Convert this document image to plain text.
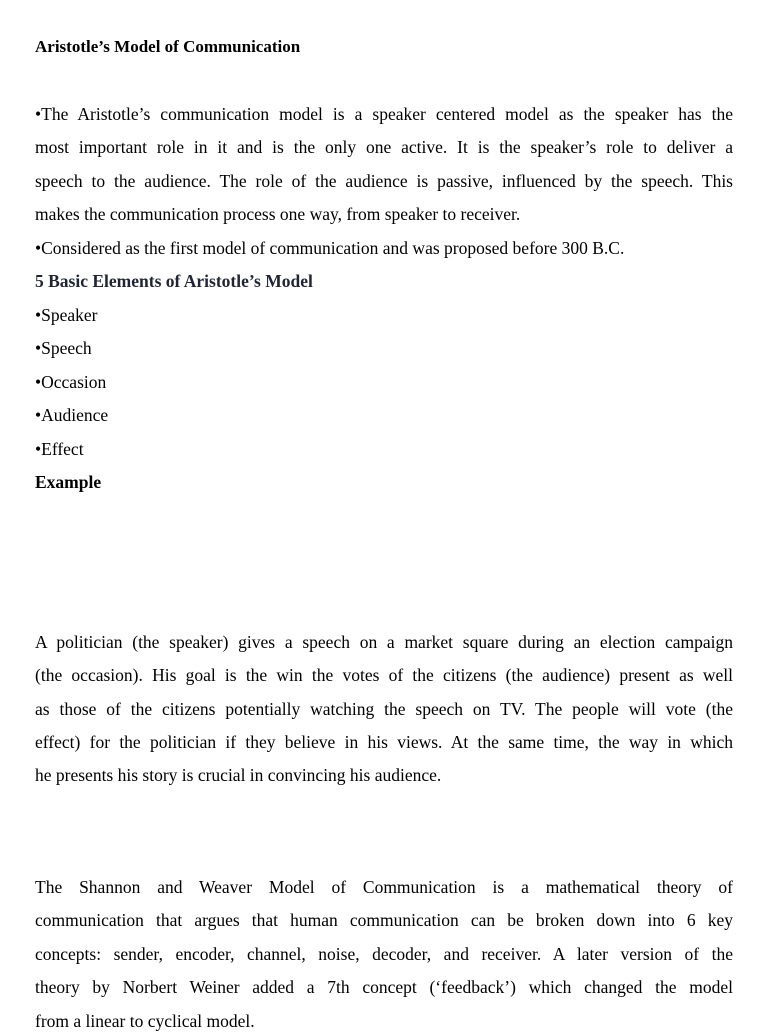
Aristotle’s Model of Communication

•The Aristotle’s communication model is a speaker centered model as the speaker has the

most important role in it and is the only one active. It is the speaker’s role to deliver a

speech to the audience. The role of the audience is passive, influenced by the speech. This

makes the communication process one way, from speaker to receiver.

•Considered as the first model of communication and was proposed before 300 B.C.

5 Basic Elements of Aristotle’s Model

•Speaker

•Speech

•Occasion

•Audience

•Effect

Example

A politician (the speaker) gives a speech on a market square during an election campaign

(the occasion). His goal is the win the votes of the citizens (the audience) present as well

as those of the citizens potentially watching the speech on TV. The people will vote (the

effect) for the politician if they believe in his views. At the same time, the way in which

he presents his story is crucial in convincing his audience.

The Shannon and Weaver Model of Communication is a mathematical theory of

communication that argues that human communication can be broken down into 6 key

concepts: sender, encoder, channel, noise, decoder, and receiver. A later version of the

theory by Norbert Weiner added a 7th concept (‘feedback’) which changed the model

from a linear to cyclical model.
